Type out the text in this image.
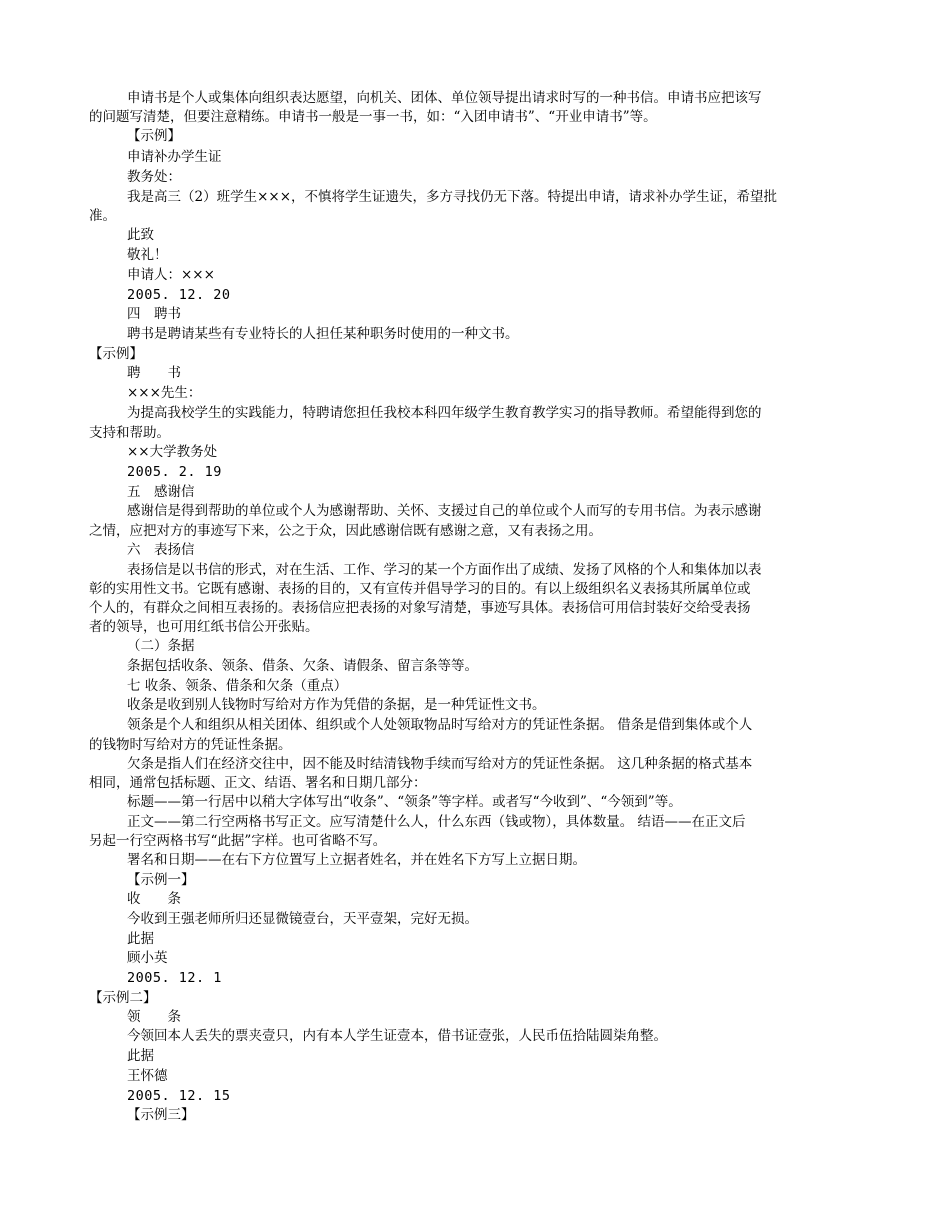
申请书是个人或集体向组织表达愿望，向机关、团体、单位领导提出请求时写的一种书信。申请书应把该写
的问题写清楚，但要注意精练。申请书一般是一事一书，如：“入团申请书”、“开业申请书”等。
【示例】
申请补办学生证
教务处：
我是高三（2）班学生×××，不慎将学生证遗失，多方寻找仍无下落。特提出申请，请求补办学生证，希望批
准。
此致
敬礼！
申请人：×××
2005. 12. 20
四　聘书
聘书是聘请某些有专业特长的人担任某种职务时使用的一种文书。
【示例】
聘　　书
×××先生：
为提高我校学生的实践能力，特聘请您担任我校本科四年级学生教育教学实习的指导教师。希望能得到您的
支持和帮助。
××大学教务处
2005. 2. 19
五　感谢信
感谢信是得到帮助的单位或个人为感谢帮助、关怀、支援过自己的单位或个人而写的专用书信。为表示感谢
之情，应把对方的事迹写下来，公之于众，因此感谢信既有感谢之意，又有表扬之用。
六　表扬信
表扬信是以书信的形式，对在生活、工作、学习的某一个方面作出了成绩、发扬了风格的个人和集体加以表
彰的实用性文书。它既有感谢、表扬的目的，又有宣传并倡导学习的目的。有以上级组织名义表扬其所属单位或
个人的，有群众之间相互表扬的。表扬信应把表扬的对象写清楚，事迹写具体。表扬信可用信封装好交给受表扬
者的领导，也可用红纸书信公开张贴。
（二）条据
条据包括收条、领条、借条、欠条、请假条、留言条等等。
七 收条、领条、借条和欠条（重点）
收条是收到别人钱物时写给对方作为凭借的条据，是一种凭证性文书。
领条是个人和组织从相关团体、组织或个人处领取物品时写给对方的凭证性条据。 借条是借到集体或个人
的钱物时写给对方的凭证性条据。
欠条是指人们在经济交往中，因不能及时结清钱物手续而写给对方的凭证性条据。 这几种条据的格式基本
相同，通常包括标题、正文、结语、署名和日期几部分：
标题——第一行居中以稍大字体写出“收条”、“领条”等字样。或者写“今收到”、“今领到”等。
正文——第二行空两格书写正文。应写清楚什么人，什么东西（钱或物），具体数量。 结语——在正文后
另起一行空两格书写“此据”字样。也可省略不写。
署名和日期——在右下方位置写上立据者姓名，并在姓名下方写上立据日期。
【示例一】
收　　条
今收到王强老师所归还显微镜壹台，天平壹架，完好无损。
此据
顾小英
2005. 12. 1
【示例二】
领　　条
今领回本人丢失的票夹壹只，内有本人学生证壹本，借书证壹张，人民币伍拾陆圆柒角整。
此据
王怀德
2005. 12. 15
【示例三】
